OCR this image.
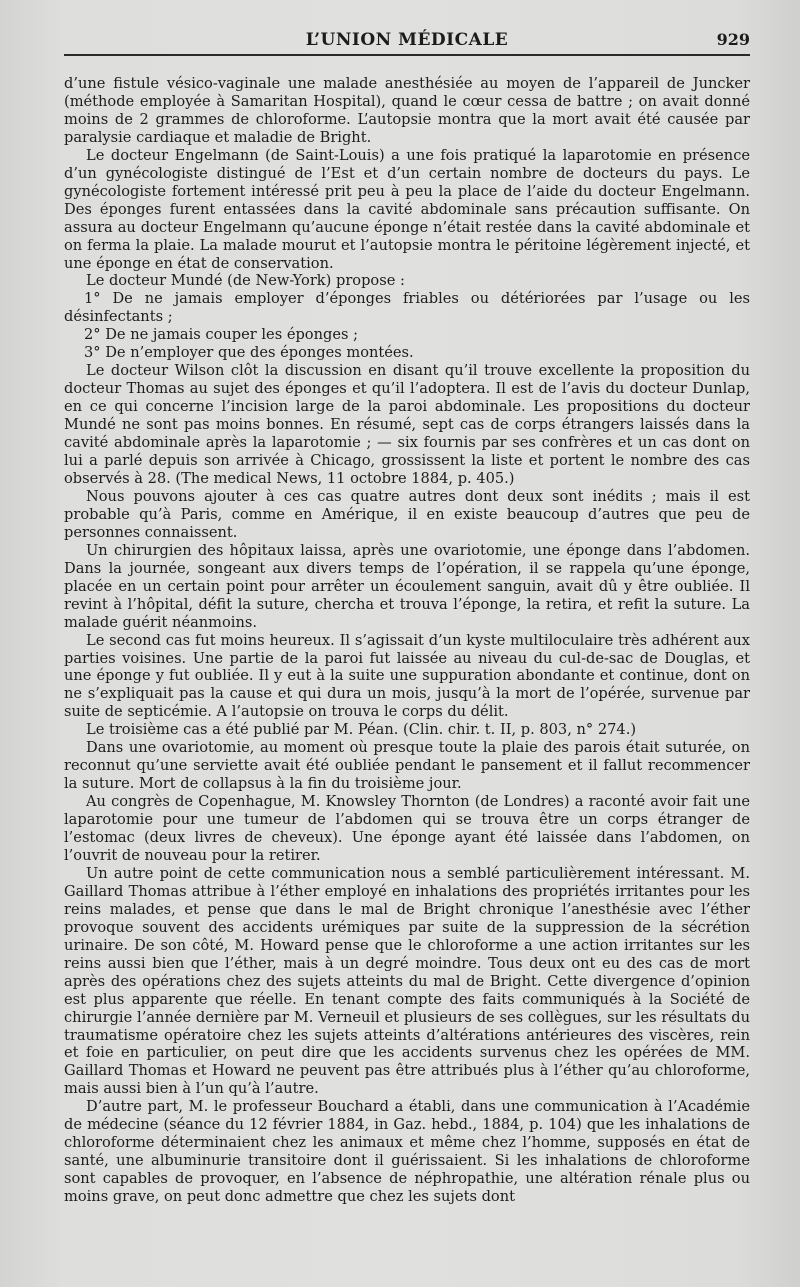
L’UNION MÉDICALE	929

d’une fistule vésico-vaginale une malade anesthésiée au moyen de l’appareil de Juncker (méthode employée à Samaritan Hospital), quand le cœur cessa de battre ; on avait donné moins de 2 grammes de chloroforme. L’autopsie montra que la mort avait été causée par paralysie cardiaque et maladie de Bright.

Le docteur Engelmann (de Saint-Louis) a une fois pratiqué la laparotomie en présence d’un gynécologiste distingué de l’Est et d’un certain nombre de docteurs du pays. Le gynécologiste fortement intéressé prit peu à peu la place de l’aide du docteur Engelmann. Des éponges furent entassées dans la cavité abdominale sans précaution suffisante. On assura au docteur Engelmann qu’aucune éponge n’était restée dans la cavité abdominale et on ferma la plaie. La malade mourut et l’autopsie montra le péritoine légèrement injecté, et une éponge en état de conservation.

Le docteur Mundé (de New-York) propose :

1° De ne jamais employer d’éponges friables ou détériorées par l’usage ou les désinfectants ;

2° De ne jamais couper les éponges ;

3° De n’employer que des éponges montées.

Le docteur Wilson clôt la discussion en disant qu’il trouve excellente la proposition du docteur Thomas au sujet des éponges et qu’il l’adoptera. Il est de l’avis du docteur Dunlap, en ce qui concerne l’incision large de la paroi abdominale. Les propositions du docteur Mundé ne sont pas moins bonnes. En résumé, sept cas de corps étrangers laissés dans la cavité abdominale après la laparotomie ; — six fournis par ses confrères et un cas dont on lui a parlé depuis son arrivée à Chicago, grossissent la liste et portent le nombre des cas observés à 28. (The medical News, 11 octobre 1884, p. 405.)

Nous pouvons ajouter à ces cas quatre autres dont deux sont inédits ; mais il est probable qu’à Paris, comme en Amérique, il en existe beaucoup d’autres que peu de personnes connaissent.

Un chirurgien des hôpitaux laissa, après une ovariotomie, une éponge dans l’abdomen. Dans la journée, songeant aux divers temps de l’opération, il se rappela qu’une éponge, placée en un certain point pour arrêter un écoulement sanguin, avait dû y être oubliée. Il revint à l’hôpital, défit la suture, chercha et trouva l’éponge, la retira, et refit la suture. La malade guérit néanmoins.

Le second cas fut moins heureux. Il s’agissait d’un kyste multiloculaire très adhérent aux parties voisines. Une partie de la paroi fut laissée au niveau du cul-de-sac de Douglas, et une éponge y fut oubliée. Il y eut à la suite une suppuration abondante et continue, dont on ne s’expliquait pas la cause et qui dura un mois, jusqu’à la mort de l’opérée, survenue par suite de septicémie. A l’autopsie on trouva le corps du délit.

Le troisième cas a été publié par M. Péan. (Clin. chir. t. II, p. 803, n° 274.)

Dans une ovariotomie, au moment où presque toute la plaie des parois était suturée, on reconnut qu’une serviette avait été oubliée pendant le pansement et il fallut recommencer la suture. Mort de collapsus à la fin du troisième jour.

Au congrès de Copenhague, M. Knowsley Thornton (de Londres) a raconté avoir fait une laparotomie pour une tumeur de l’abdomen qui se trouva être un corps étranger de l’estomac (deux livres de cheveux). Une éponge ayant été laissée dans l’abdomen, on l’ouvrit de nouveau pour la retirer.

Un autre point de cette communication nous a semblé particulièrement intéressant. M. Gaillard Thomas attribue à l’éther employé en inhalations des propriétés irritantes pour les reins malades, et pense que dans le mal de Bright chronique l’anesthésie avec l’éther provoque souvent des accidents urémiques par suite de la suppression de la sécrétion urinaire. De son côté, M. Howard pense que le chloroforme a une action irritantes sur les reins aussi bien que l’éther, mais à un degré moindre. Tous deux ont eu des cas de mort après des opérations chez des sujets atteints du mal de Bright. Cette divergence d’opinion est plus apparente que réelle. En tenant compte des faits communiqués à la Société de chirurgie l’année dernière par M. Verneuil et plusieurs de ses collègues, sur les résultats du traumatisme opératoire chez les sujets atteints d’altérations antérieures des viscères, rein et foie en particulier, on peut dire que les accidents survenus chez les opérées de MM. Gaillard Thomas et Howard ne peuvent pas être attribués plus à l’éther qu’au chloroforme, mais aussi bien à l’un qu’à l’autre.

D’autre part, M. le professeur Bouchard a établi, dans une communication à l’Académie de médecine (séance du 12 février 1884, in Gaz. hebd., 1884, p. 104) que les inhalations de chloroforme déterminaient chez les animaux et même chez l’homme, supposés en état de santé, une albuminurie transitoire dont il guérissaient. Si les inhalations de chloroforme sont capables de provoquer, en l’absence de néphropathie, une altération rénale plus ou moins grave, on peut donc admettre que chez les sujets dont
